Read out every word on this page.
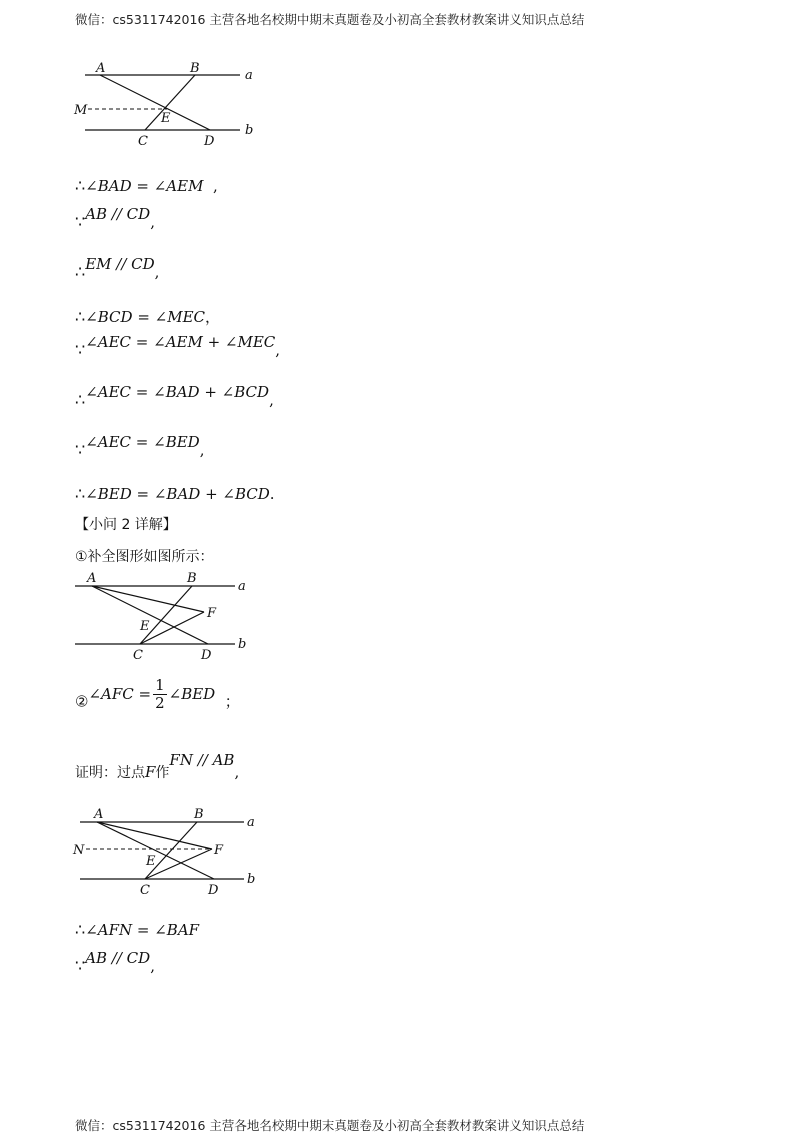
微信：cs5311742016 主营各地名校期中期末真题卷及小初高全套教材教案讲义知识点总结
A	B	a
M
E
C	D
b
∴∠BAD = ∠AEM ,
∵AB // CD,
∴EM // CD,
∴∠BCD = ∠MEC，
∵∠AEC = ∠AEM + ∠MEC,
∴∠AEC = ∠BAD + ∠BCD,
∵∠AEC = ∠BED,
∴∠BED = ∠BAD + ∠BCD.
【小问 2 详解】
①补全图形如图所示：
A	B
a
F
E
C	D
b
②∠AFC = $\frac{1}{2}$ ∠BED ；
证明：过点F作FN // AB,
A	B
a
N	F
E
C	D
b
∴∠AFN = ∠BAF
∵AB // CD,
微信：cs5311742016 主营各地名校期中期末真题卷及小初高全套教材教案讲义知识点总结
